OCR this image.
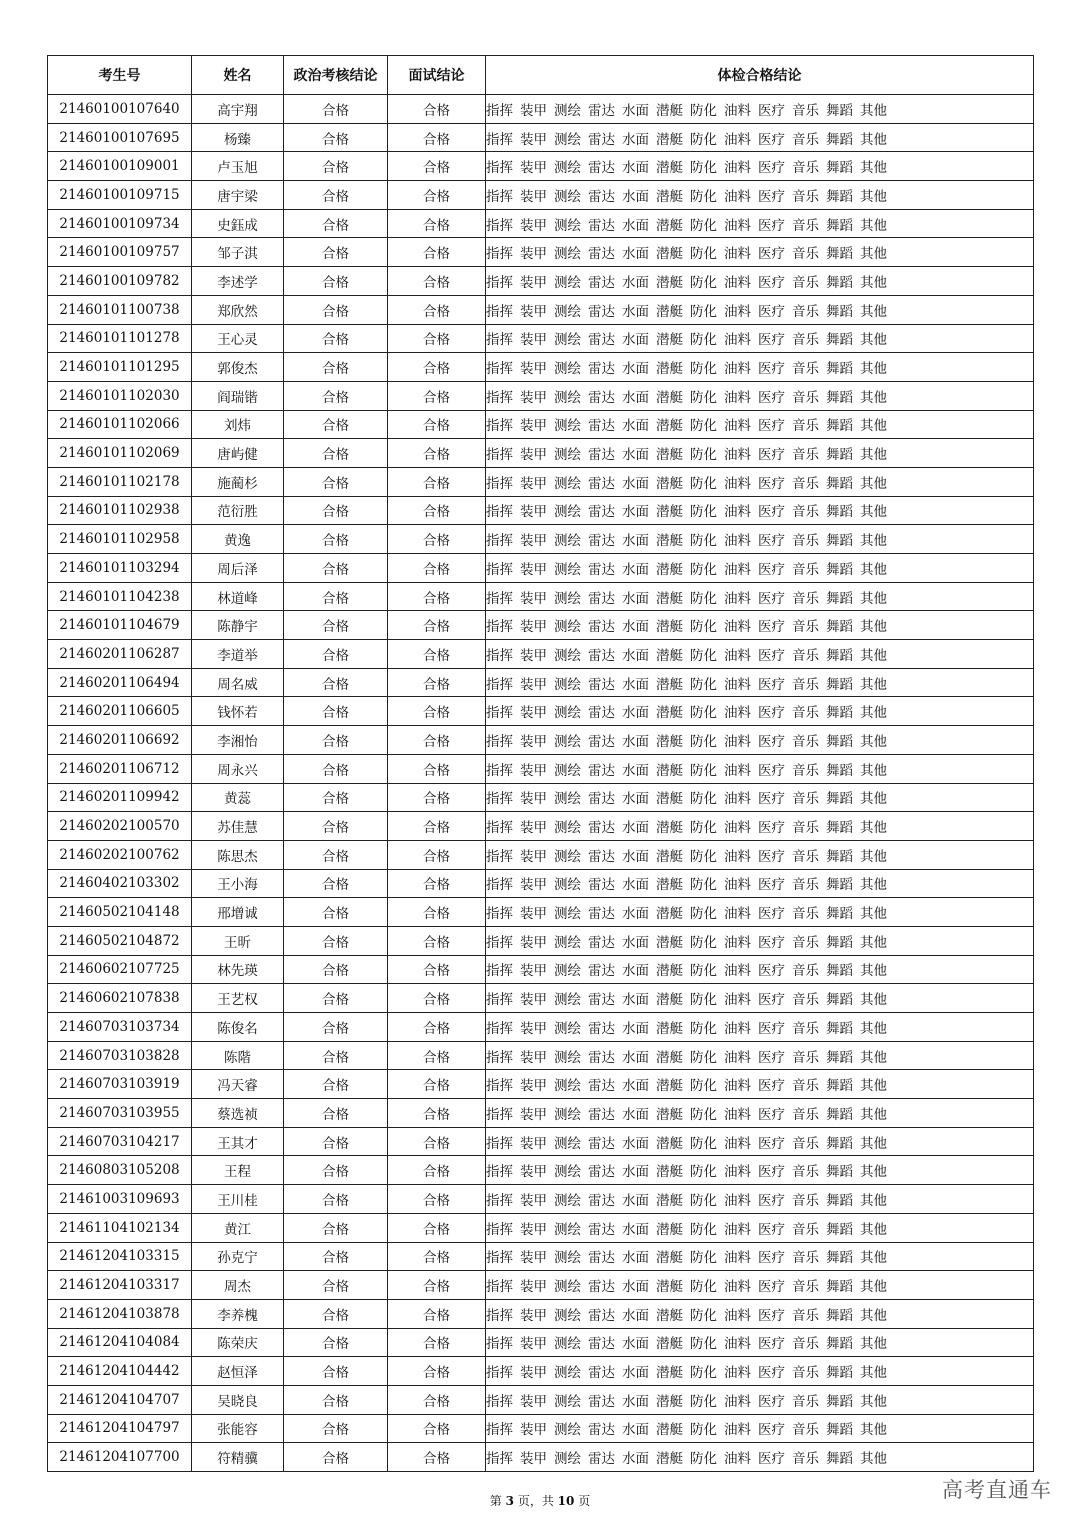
考生号	姓名	政治考核结论	面试结论	体检合格结论
21460100107640	高宇翔	合格	合格	指挥 装甲 测绘 雷达 水面 潜艇 防化 油料 医疗 音乐 舞蹈 其他
21460100107695	杨臻	合格	合格	指挥 装甲 测绘 雷达 水面 潜艇 防化 油料 医疗 音乐 舞蹈 其他
21460100109001	卢玉旭	合格	合格	指挥 装甲 测绘 雷达 水面 潜艇 防化 油料 医疗 音乐 舞蹈 其他
21460100109715	唐宇梁	合格	合格	指挥 装甲 测绘 雷达 水面 潜艇 防化 油料 医疗 音乐 舞蹈 其他
21460100109734	史鈺成	合格	合格	指挥 装甲 测绘 雷达 水面 潜艇 防化 油料 医疗 音乐 舞蹈 其他
21460100109757	邹子淇	合格	合格	指挥 装甲 测绘 雷达 水面 潜艇 防化 油料 医疗 音乐 舞蹈 其他
21460100109782	李述学	合格	合格	指挥 装甲 测绘 雷达 水面 潜艇 防化 油料 医疗 音乐 舞蹈 其他
21460101100738	郑欣然	合格	合格	指挥 装甲 测绘 雷达 水面 潜艇 防化 油料 医疗 音乐 舞蹈 其他
21460101101278	王心灵	合格	合格	指挥 装甲 测绘 雷达 水面 潜艇 防化 油料 医疗 音乐 舞蹈 其他
21460101101295	郭俊杰	合格	合格	指挥 装甲 测绘 雷达 水面 潜艇 防化 油料 医疗 音乐 舞蹈 其他
21460101102030	阎瑞锴	合格	合格	指挥 装甲 测绘 雷达 水面 潜艇 防化 油料 医疗 音乐 舞蹈 其他
21460101102066	刘炜	合格	合格	指挥 装甲 测绘 雷达 水面 潜艇 防化 油料 医疗 音乐 舞蹈 其他
21460101102069	唐屿健	合格	合格	指挥 装甲 测绘 雷达 水面 潜艇 防化 油料 医疗 音乐 舞蹈 其他
21460101102178	施蔺杉	合格	合格	指挥 装甲 测绘 雷达 水面 潜艇 防化 油料 医疗 音乐 舞蹈 其他
21460101102938	范衍胜	合格	合格	指挥 装甲 测绘 雷达 水面 潜艇 防化 油料 医疗 音乐 舞蹈 其他
21460101102958	黄逸	合格	合格	指挥 装甲 测绘 雷达 水面 潜艇 防化 油料 医疗 音乐 舞蹈 其他
21460101103294	周后泽	合格	合格	指挥 装甲 测绘 雷达 水面 潜艇 防化 油料 医疗 音乐 舞蹈 其他
21460101104238	林道峰	合格	合格	指挥 装甲 测绘 雷达 水面 潜艇 防化 油料 医疗 音乐 舞蹈 其他
21460101104679	陈静宇	合格	合格	指挥 装甲 测绘 雷达 水面 潜艇 防化 油料 医疗 音乐 舞蹈 其他
21460201106287	李道举	合格	合格	指挥 装甲 测绘 雷达 水面 潜艇 防化 油料 医疗 音乐 舞蹈 其他
21460201106494	周名威	合格	合格	指挥 装甲 测绘 雷达 水面 潜艇 防化 油料 医疗 音乐 舞蹈 其他
21460201106605	钱怀若	合格	合格	指挥 装甲 测绘 雷达 水面 潜艇 防化 油料 医疗 音乐 舞蹈 其他
21460201106692	李湘怡	合格	合格	指挥 装甲 测绘 雷达 水面 潜艇 防化 油料 医疗 音乐 舞蹈 其他
21460201106712	周永兴	合格	合格	指挥 装甲 测绘 雷达 水面 潜艇 防化 油料 医疗 音乐 舞蹈 其他
21460201109942	黄蕊	合格	合格	指挥 装甲 测绘 雷达 水面 潜艇 防化 油料 医疗 音乐 舞蹈 其他
21460202100570	苏佳慧	合格	合格	指挥 装甲 测绘 雷达 水面 潜艇 防化 油料 医疗 音乐 舞蹈 其他
21460202100762	陈思杰	合格	合格	指挥 装甲 测绘 雷达 水面 潜艇 防化 油料 医疗 音乐 舞蹈 其他
21460402103302	王小海	合格	合格	指挥 装甲 测绘 雷达 水面 潜艇 防化 油料 医疗 音乐 舞蹈 其他
21460502104148	邢增诚	合格	合格	指挥 装甲 测绘 雷达 水面 潜艇 防化 油料 医疗 音乐 舞蹈 其他
21460502104872	王昕	合格	合格	指挥 装甲 测绘 雷达 水面 潜艇 防化 油料 医疗 音乐 舞蹈 其他
21460602107725	林先瑛	合格	合格	指挥 装甲 测绘 雷达 水面 潜艇 防化 油料 医疗 音乐 舞蹈 其他
21460602107838	王艺权	合格	合格	指挥 装甲 测绘 雷达 水面 潜艇 防化 油料 医疗 音乐 舞蹈 其他
21460703103734	陈俊名	合格	合格	指挥 装甲 测绘 雷达 水面 潜艇 防化 油料 医疗 音乐 舞蹈 其他
21460703103828	陈階	合格	合格	指挥 装甲 测绘 雷达 水面 潜艇 防化 油料 医疗 音乐 舞蹈 其他
21460703103919	冯天睿	合格	合格	指挥 装甲 测绘 雷达 水面 潜艇 防化 油料 医疗 音乐 舞蹈 其他
21460703103955	蔡选祯	合格	合格	指挥 装甲 测绘 雷达 水面 潜艇 防化 油料 医疗 音乐 舞蹈 其他
21460703104217	王其才	合格	合格	指挥 装甲 测绘 雷达 水面 潜艇 防化 油料 医疗 音乐 舞蹈 其他
21460803105208	王程	合格	合格	指挥 装甲 测绘 雷达 水面 潜艇 防化 油料 医疗 音乐 舞蹈 其他
21461003109693	王川桂	合格	合格	指挥 装甲 测绘 雷达 水面 潜艇 防化 油料 医疗 音乐 舞蹈 其他
21461104102134	黄江	合格	合格	指挥 装甲 测绘 雷达 水面 潜艇 防化 油料 医疗 音乐 舞蹈 其他
21461204103315	孙克宁	合格	合格	指挥 装甲 测绘 雷达 水面 潜艇 防化 油料 医疗 音乐 舞蹈 其他
21461204103317	周杰	合格	合格	指挥 装甲 测绘 雷达 水面 潜艇 防化 油料 医疗 音乐 舞蹈 其他
21461204103878	李养槐	合格	合格	指挥 装甲 测绘 雷达 水面 潜艇 防化 油料 医疗 音乐 舞蹈 其他
21461204104084	陈荣庆	合格	合格	指挥 装甲 测绘 雷达 水面 潜艇 防化 油料 医疗 音乐 舞蹈 其他
21461204104442	赵恒泽	合格	合格	指挥 装甲 测绘 雷达 水面 潜艇 防化 油料 医疗 音乐 舞蹈 其他
21461204104707	吴晓良	合格	合格	指挥 装甲 测绘 雷达 水面 潜艇 防化 油料 医疗 音乐 舞蹈 其他
21461204104797	张能容	合格	合格	指挥 装甲 测绘 雷达 水面 潜艇 防化 油料 医疗 音乐 舞蹈 其他
21461204107700	符精骥	合格	合格	指挥 装甲 测绘 雷达 水面 潜艇 防化 油料 医疗 音乐 舞蹈 其他
第 3 页，共 10 页	高考直通车
